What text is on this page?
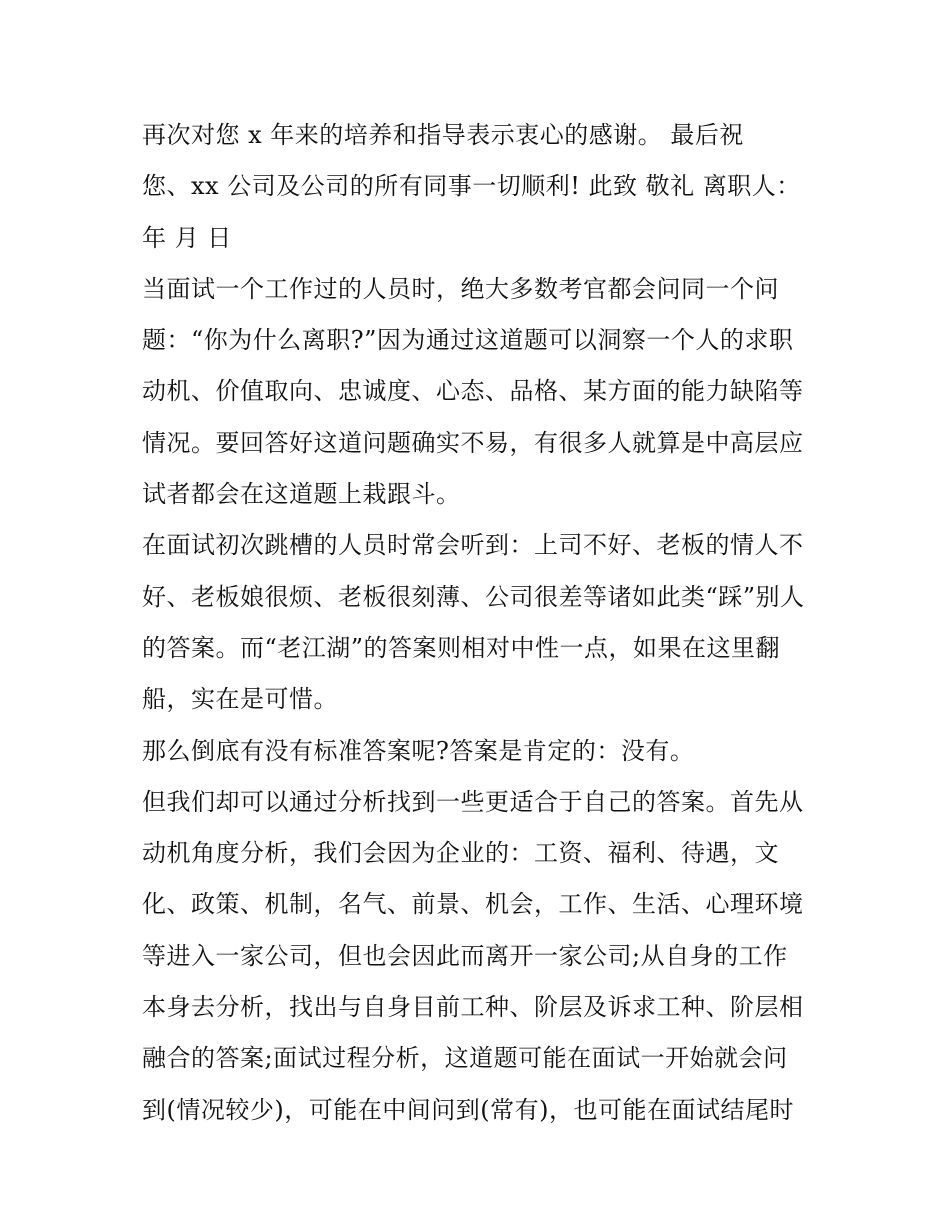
再次对您 x 年来的培养和指导表示衷心的感谢。 最后祝
您、xx 公司及公司的所有同事一切顺利! 此致 敬礼 离职人：
年 月 日
当面试一个工作过的人员时，绝大多数考官都会问同一个问
题：“你为什么离职?”因为通过这道题可以洞察一个人的求职
动机、价值取向、忠诚度、心态、品格、某方面的能力缺陷等
情况。要回答好这道问题确实不易，有很多人就算是中高层应
试者都会在这道题上栽跟斗。
在面试初次跳槽的人员时常会听到：上司不好、老板的情人不
好、老板娘很烦、老板很刻薄、公司很差等诸如此类“踩”别人
的答案。而“老江湖”的答案则相对中性一点，如果在这里翻
船，实在是可惜。
那么倒底有没有标准答案呢?答案是肯定的：没有。
但我们却可以通过分析找到一些更适合于自己的答案。首先从
动机角度分析，我们会因为企业的：工资、福利、待遇，文
化、政策、机制，名气、前景、机会，工作、生活、心理环境
等进入一家公司，但也会因此而离开一家公司;从自身的工作
本身去分析，找出与自身目前工种、阶层及诉求工种、阶层相
融合的答案;面试过程分析，这道题可能在面试一开始就会问
到(情况较少)，可能在中间问到(常有)，也可能在面试结尾时
